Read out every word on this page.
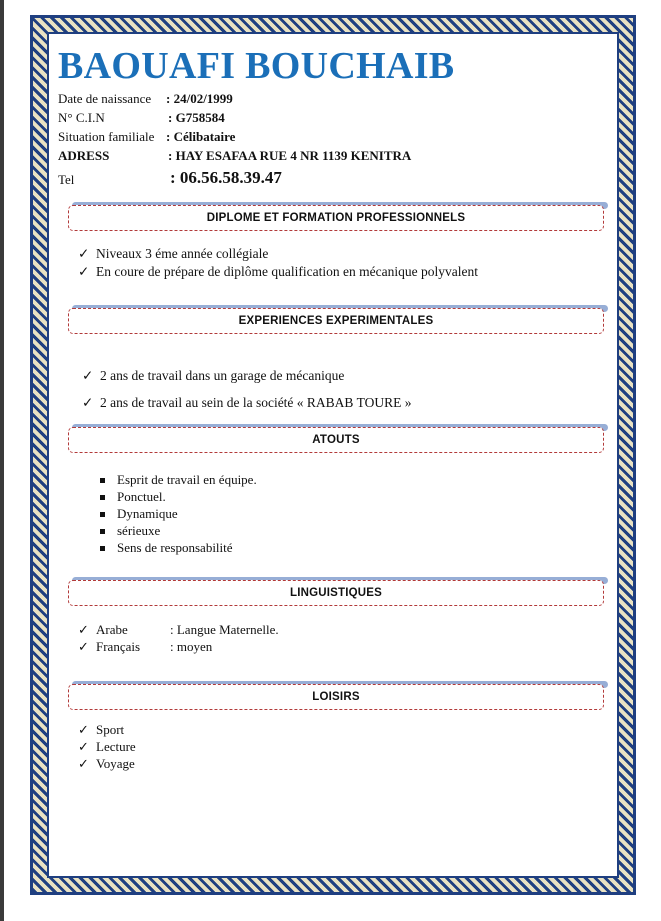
BAOUAFI BOUCHAIB
Date de naissance : 24/02/1999
N° C.I.N	: G758584
Situation familiale : Célibataire
ADRESS	: HAY ESAFAA RUE 4 NR 1139 KENITRA
Tel	: 06.56.58.39.47
DIPLOME ET FORMATION PROFESSIONNELS
✓ Niveaux 3 éme année collégiale
✓ En coure de prépare de diplôme qualification en mécanique polyvalent
EXPERIENCES EXPERIMENTALES
✓ 2 ans de travail dans un garage de mécanique
✓ 2 ans de travail au sein de la société « RABAB TOURE »
ATOUTS
Esprit de travail en équipe.
Ponctuel.
Dynamique
sérieuxe
Sens de responsabilité
LINGUISTIQUES
✓ Arabe	: Langue Maternelle.
✓ Français : moyen
LOISIRS
✓ Sport
✓ Lecture
✓ Voyage
